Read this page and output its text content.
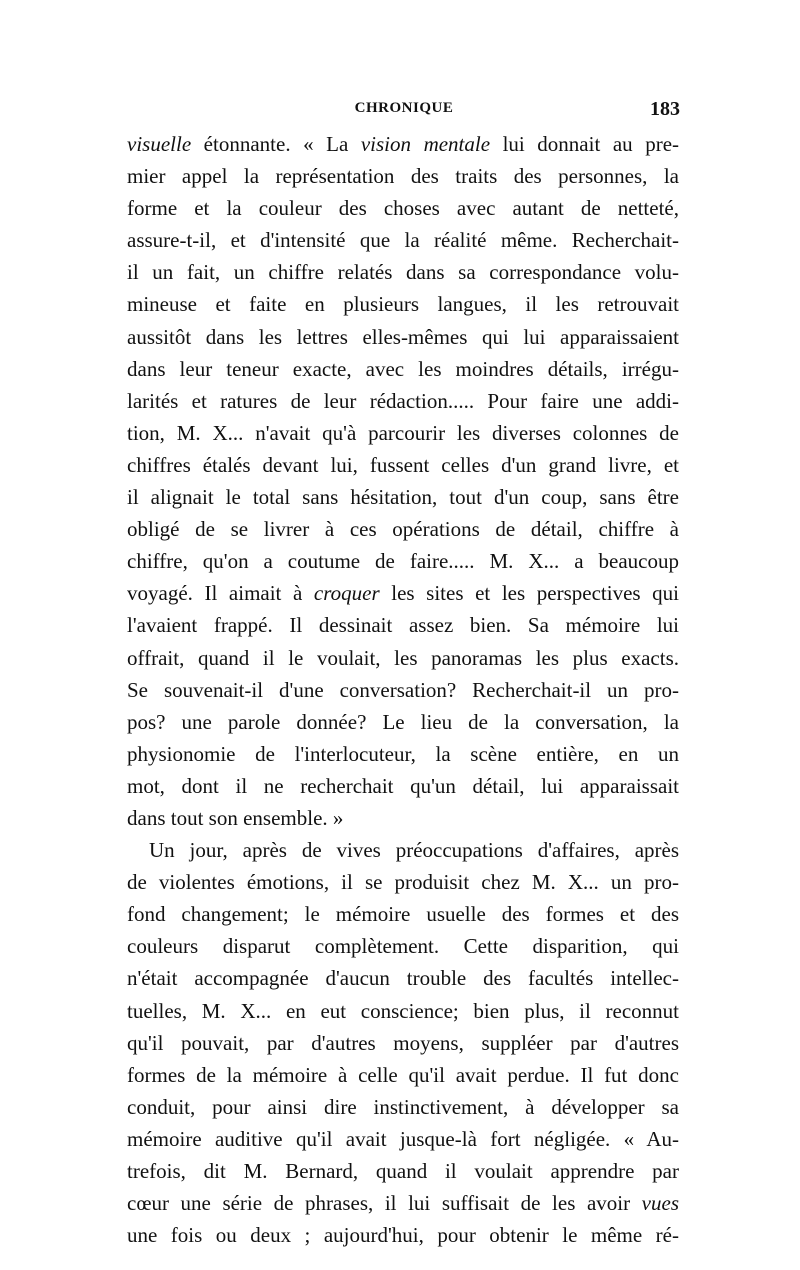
CHRONIQUE	183
visuelle étonnante. « La vision mentale lui donnait au pre-
mier appel la représentation des traits des personnes, la
forme et la couleur des choses avec autant de netteté,
assure-t-il, et d'intensité que la réalité même. Recherchait-
il un fait, un chiffre relatés dans sa correspondance volu-
mineuse et faite en plusieurs langues, il les retrouvait
aussitôt dans les lettres elles-mêmes qui lui apparaissaient
dans leur teneur exacte, avec les moindres détails, irrégu-
larités et ratures de leur rédaction..... Pour faire une addi-
tion, M. X... n'avait qu'à parcourir les diverses colonnes de
chiffres étalés devant lui, fussent celles d'un grand livre, et
il alignait le total sans hésitation, tout d'un coup, sans être
obligé de se livrer à ces opérations de détail, chiffre à
chiffre, qu'on a coutume de faire..... M. X... a beaucoup
voyagé. Il aimait à croquer les sites et les perspectives qui
l'avaient frappé. Il dessinait assez bien. Sa mémoire lui
offrait, quand il le voulait, les panoramas les plus exacts.
Se souvenait-il d'une conversation? Recherchait-il un pro-
pos? une parole donnée? Le lieu de la conversation, la
physionomie de l'interlocuteur, la scène entière, en un
mot, dont il ne recherchait qu'un détail, lui apparaissait
dans tout son ensemble. »
Un jour, après de vives préoccupations d'affaires, après
de violentes émotions, il se produisit chez M. X... un pro-
fond changement; le mémoire usuelle des formes et des
couleurs disparut complètement. Cette disparition, qui
n'était accompagnée d'aucun trouble des facultés intellec-
tuelles, M. X... en eut conscience; bien plus, il reconnut
qu'il pouvait, par d'autres moyens, suppléer par d'autres
formes de la mémoire à celle qu'il avait perdue. Il fut donc
conduit, pour ainsi dire instinctivement, à développer sa
mémoire auditive qu'il avait jusque-là fort négligée. « Au-
trefois, dit M. Bernard, quand il voulait apprendre par
cœur une série de phrases, il lui suffisait de les avoir vues
une fois ou deux ; aujourd'hui, pour obtenir le même ré-
